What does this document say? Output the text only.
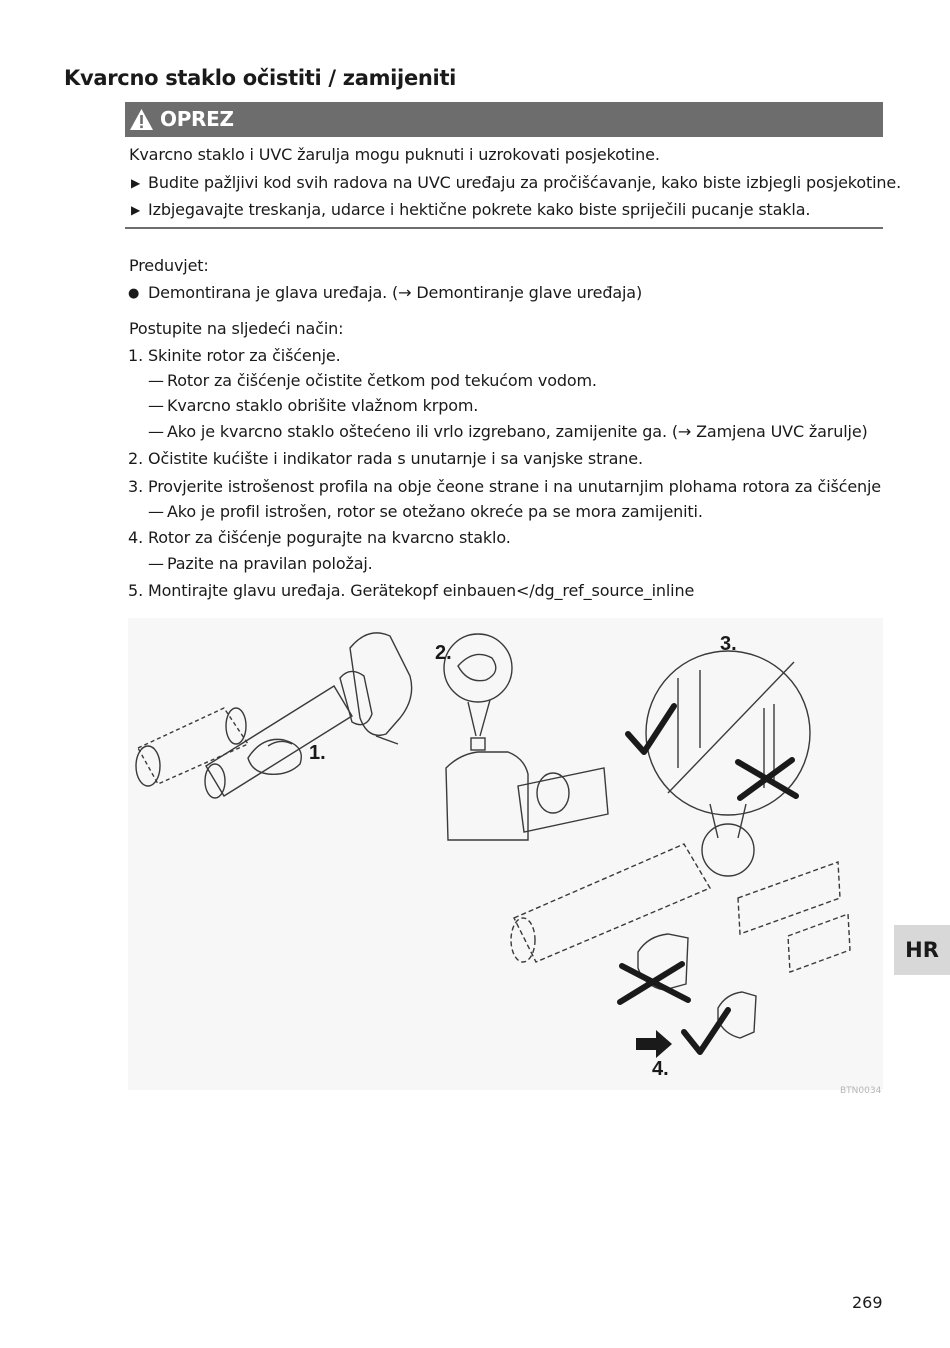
Kvarcno staklo očistiti / zamijeniti
OPREZ
Kvarcno staklo i UVC žarulja mogu puknuti i uzrokovati posjekotine.
▶ Budite pažljivi kod svih radova na UVC uređaju za pročišćavanje, kako biste izbjegli posjekotine.
▶ Izbjegavajte treskanja, udarce i hektične pokrete kako biste spriječili pucanje stakla.
Preduvjet:
● Demontirana je glava uređaja. (→ Demontiranje glave uređaja)
Postupite na sljedeći način:
1. Skinite rotor za čišćenje.
— Rotor za čišćenje očistite četkom pod tekućom vodom.
— Kvarcno staklo obrišite vlažnom krpom.
— Ako je kvarcno staklo oštećeno ili vrlo izgrebano, zamijenite ga. (→ Zamjena UVC žarulje)
2. Očistite kućište i indikator rada s unutarnje i sa vanjske strane.
3. Provjerite istrošenost profila na obje čeone strane i na unutarnjim plohama rotora za čišćenje
— Ako je profil istrošen, rotor se otežano okreće pa se mora zamijeniti.
4. Rotor za čišćenje pogurajte na kvarcno staklo.
— Pazite na pravilan položaj.
5. Montirajte glavu uređaja. Gerätekopf einbauen</dg_ref_source_inline
1.
2.	3.
4.
BTN0034
HR
269
